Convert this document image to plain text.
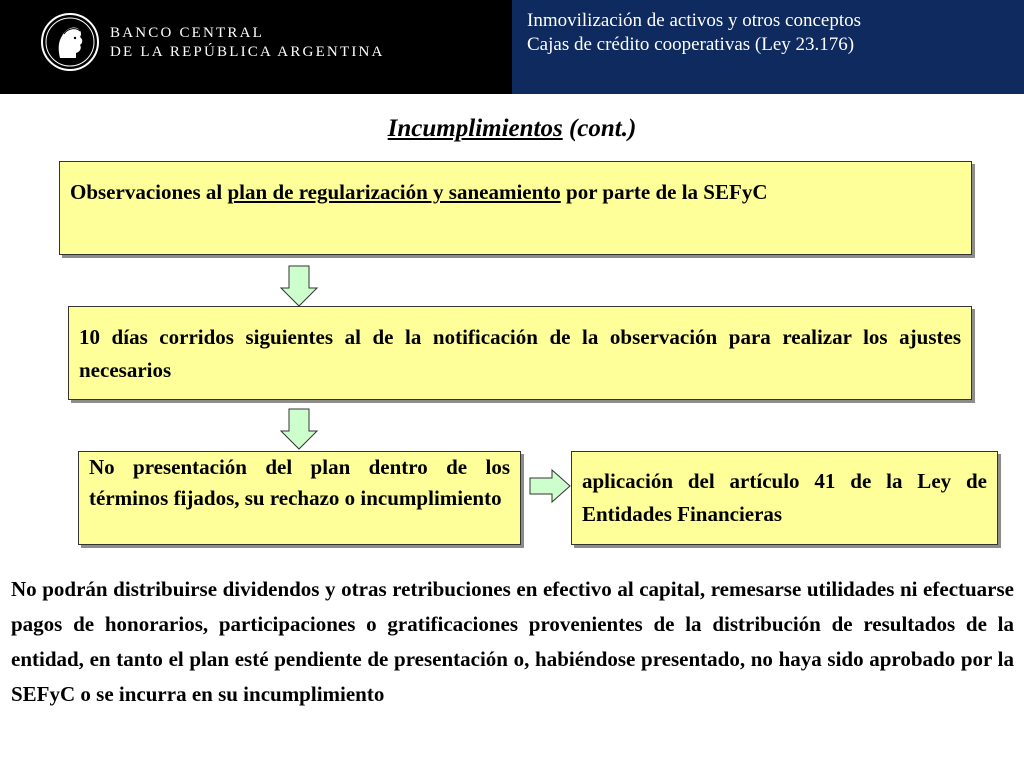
BANCO CENTRAL
DE LA REPÚBLICA ARGENTINA
Inmovilización de activos y otros conceptos
Cajas de crédito cooperativas (Ley 23.176)
Incumplimientos (cont.)
Observaciones al plan de regularización y saneamiento por parte de la SEFyC
10 días corridos siguientes al de la notificación de la observación para realizar los ajustes necesarios
No presentación del plan dentro de los términos fijados, su rechazo o incumplimiento
aplicación del artículo 41 de la Ley de Entidades Financieras
No podrán distribuirse dividendos y otras retribuciones en efectivo al capital, remesarse utilidades ni efectuarse pagos de honorarios, participaciones o gratificaciones provenientes de la distribución de resultados de la entidad, en tanto el plan esté pendiente de presentación o, habiéndose presentado, no haya sido aprobado por la SEFyC o se incurra en su incumplimiento
